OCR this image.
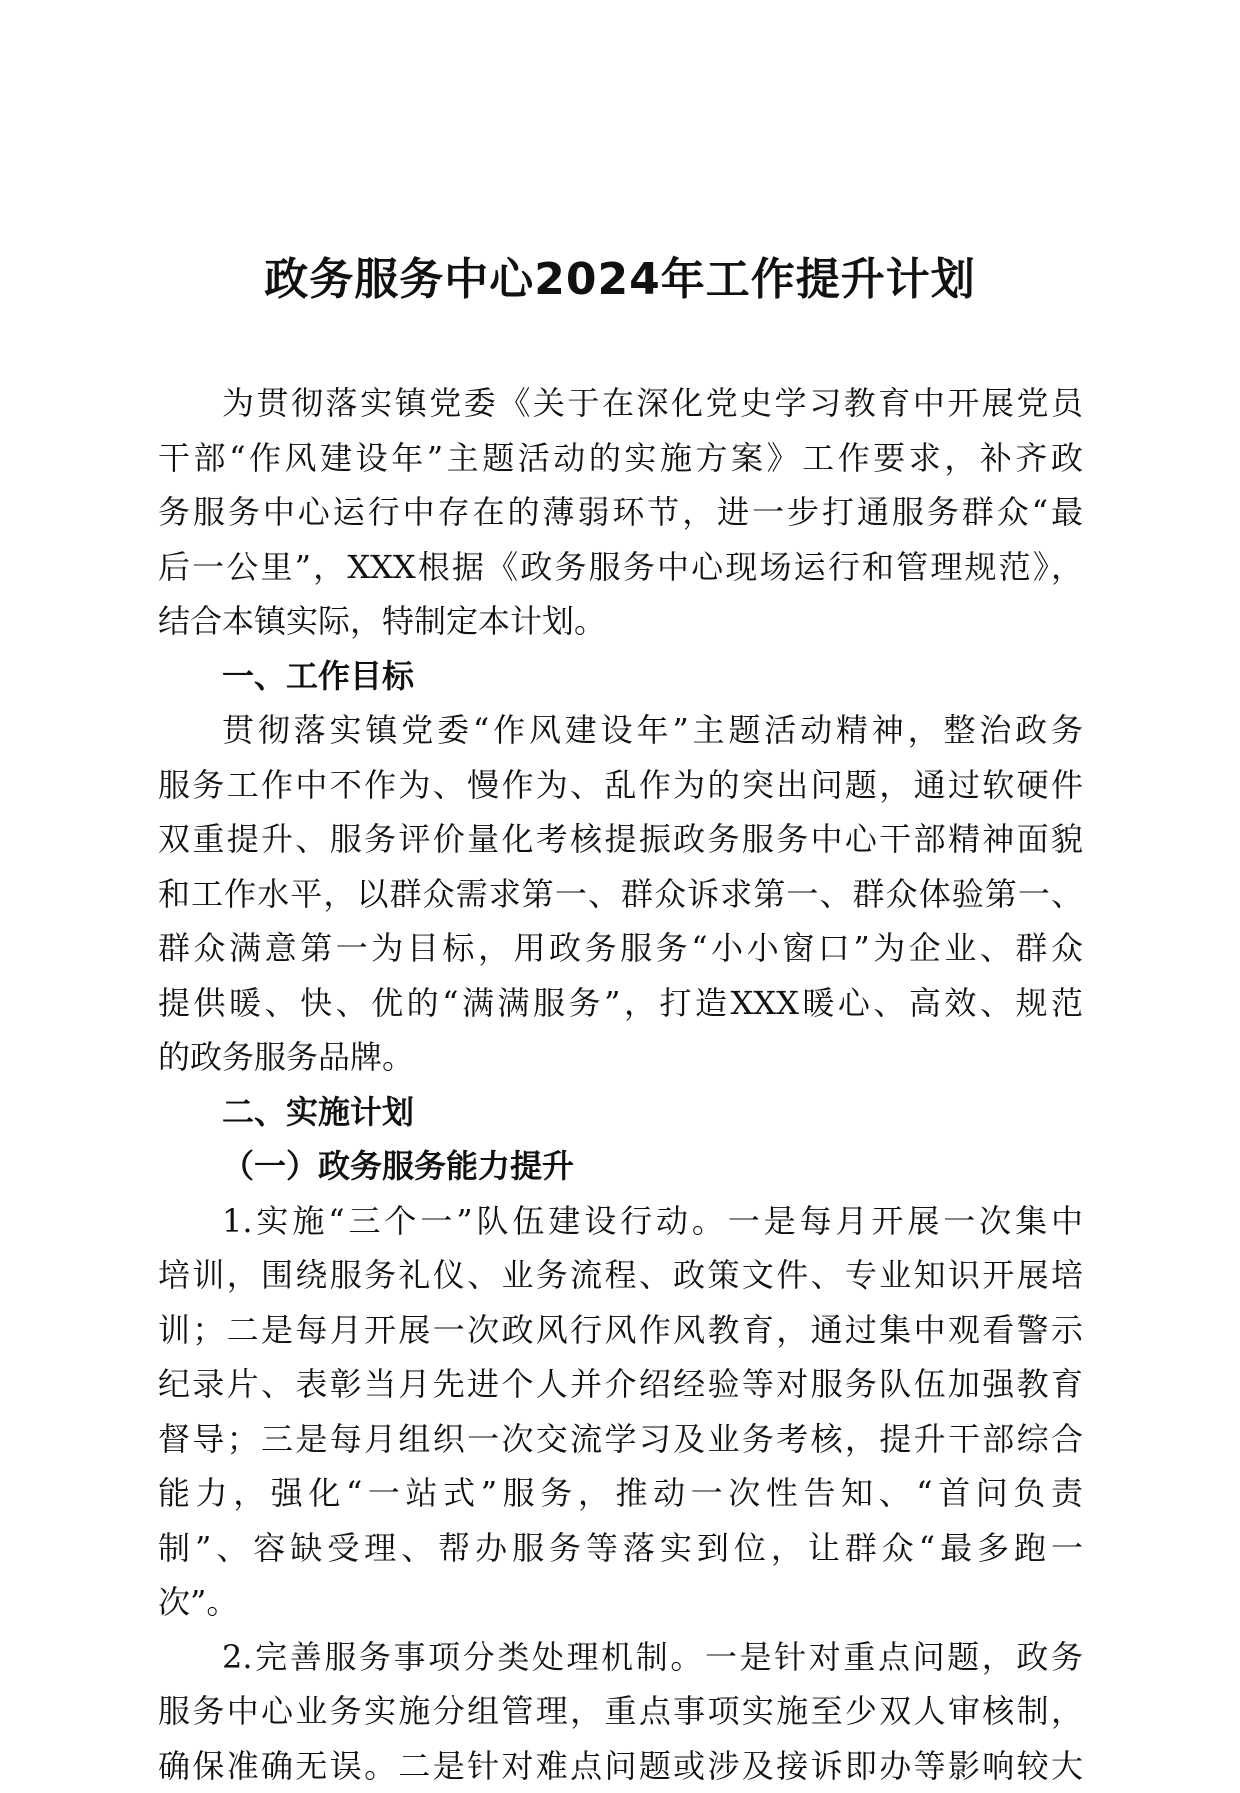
政务服务中心2024年工作提升计划
为贯彻落实镇党委《关于在深化党史学习教育中开展党员
干部“作风建设年”主题活动的实施方案》工作要求，补齐政
务服务中心运行中存在的薄弱环节，进一步打通服务群众“最
后一公里”，XXX根据《政务服务中心现场运行和管理规范》，
结合本镇实际，特制定本计划。
一、工作目标
贯彻落实镇党委“作风建设年”主题活动精神，整治政务
服务工作中不作为、慢作为、乱作为的突出问题，通过软硬件
双重提升、服务评价量化考核提振政务服务中心干部精神面貌
和工作水平，以群众需求第一、群众诉求第一、群众体验第一、
群众满意第一为目标，用政务服务“小小窗口”为企业、群众
提供暖、快、优的“满满服务”，打造XXX暖心、高效、规范
的政务服务品牌。
二、实施计划
（一）政务服务能力提升
1.实施“三个一”队伍建设行动。一是每月开展一次集中
培训，围绕服务礼仪、业务流程、政策文件、专业知识开展培
训；二是每月开展一次政风行风作风教育，通过集中观看警示
纪录片、表彰当月先进个人并介绍经验等对服务队伍加强教育
督导；三是每月组织一次交流学习及业务考核，提升干部综合
能力，强化“一站式”服务，推动一次性告知、“首问负责
制”、容缺受理、帮办服务等落实到位，让群众“最多跑一
次”。
2.完善服务事项分类处理机制。一是针对重点问题，政务
服务中心业务实施分组管理，重点事项实施至少双人审核制，
确保准确无误。二是针对难点问题或涉及接诉即办等影响较大
